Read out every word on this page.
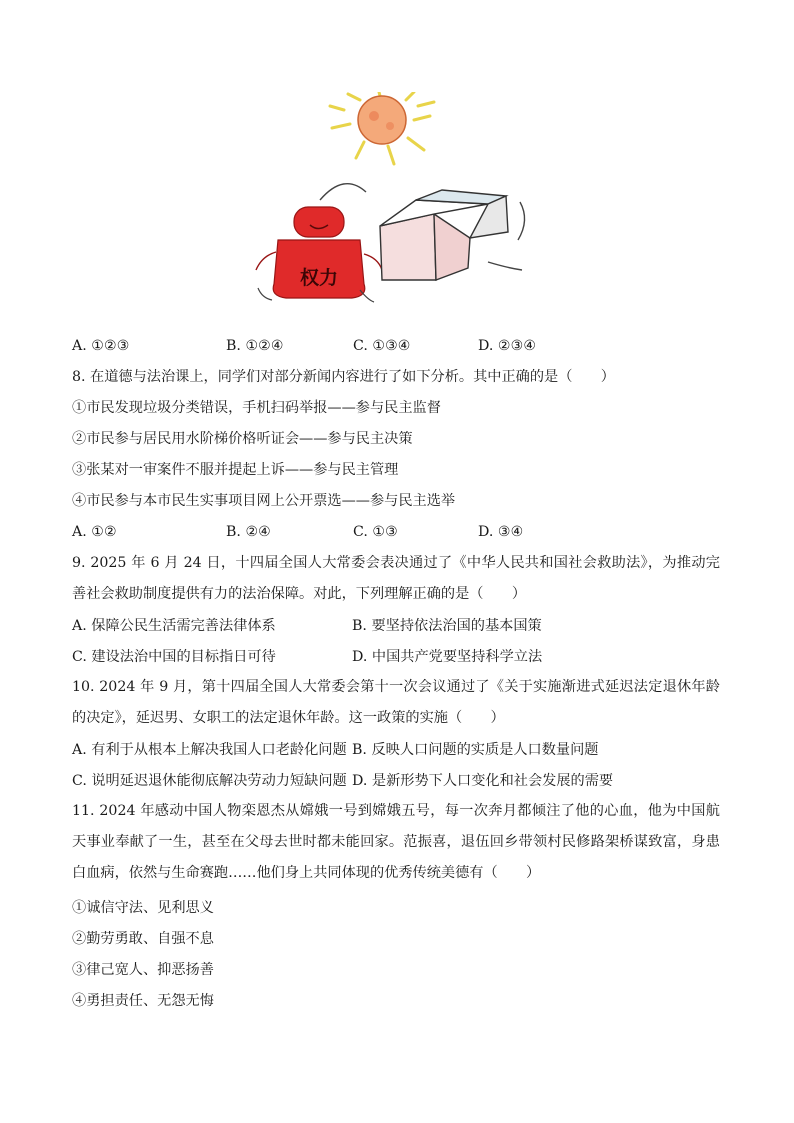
权力
A. ①②③	B. ①②④	C. ①③④	D. ②③④
8. 在道德与法治课上，同学们对部分新闻内容进行了如下分析。其中正确的是（　　）
①市民发现垃圾分类错误，手机扫码举报——参与民主监督
②市民参与居民用水阶梯价格听证会——参与民主决策
③张某对一审案件不服并提起上诉——参与民主管理
④市民参与本市民生实事项目网上公开票选——参与民主选举
A. ①②	B. ②④	C. ①③	D. ③④
9. 2025 年 6 月 24 日，十四届全国人大常委会表决通过了《中华人民共和国社会救助法》，为推动完善社会救助制度提供有力的法治保障。对此，下列理解正确的是（　　）
A. 保障公民生活需完善法律体系	B. 要坚持依法治国的基本国策
C. 建设法治中国的目标指日可待	D. 中国共产党要坚持科学立法
10. 2024 年 9 月，第十四届全国人大常委会第十一次会议通过了《关于实施渐进式延迟法定退休年龄的决定》，延迟男、女职工的法定退休年龄。这一政策的实施（　　）
A. 有利于从根本上解决我国人口老龄化问题 B. 反映人口问题的实质是人口数量问题
C. 说明延迟退休能彻底解决劳动力短缺问题 D. 是新形势下人口变化和社会发展的需要
11. 2024 年感动中国人物栾恩杰从嫦娥一号到嫦娥五号，每一次奔月都倾注了他的心血，他为中国航天事业奉献了一生，甚至在父母去世时都未能回家。范振喜，退伍回乡带领村民修路架桥谋致富，身患白血病，依然与生命赛跑……他们身上共同体现的优秀传统美德有（　　）
①诚信守法、见利思义
②勤劳勇敢、自强不息
③律己宽人、抑恶扬善
④勇担责任、无怨无悔
